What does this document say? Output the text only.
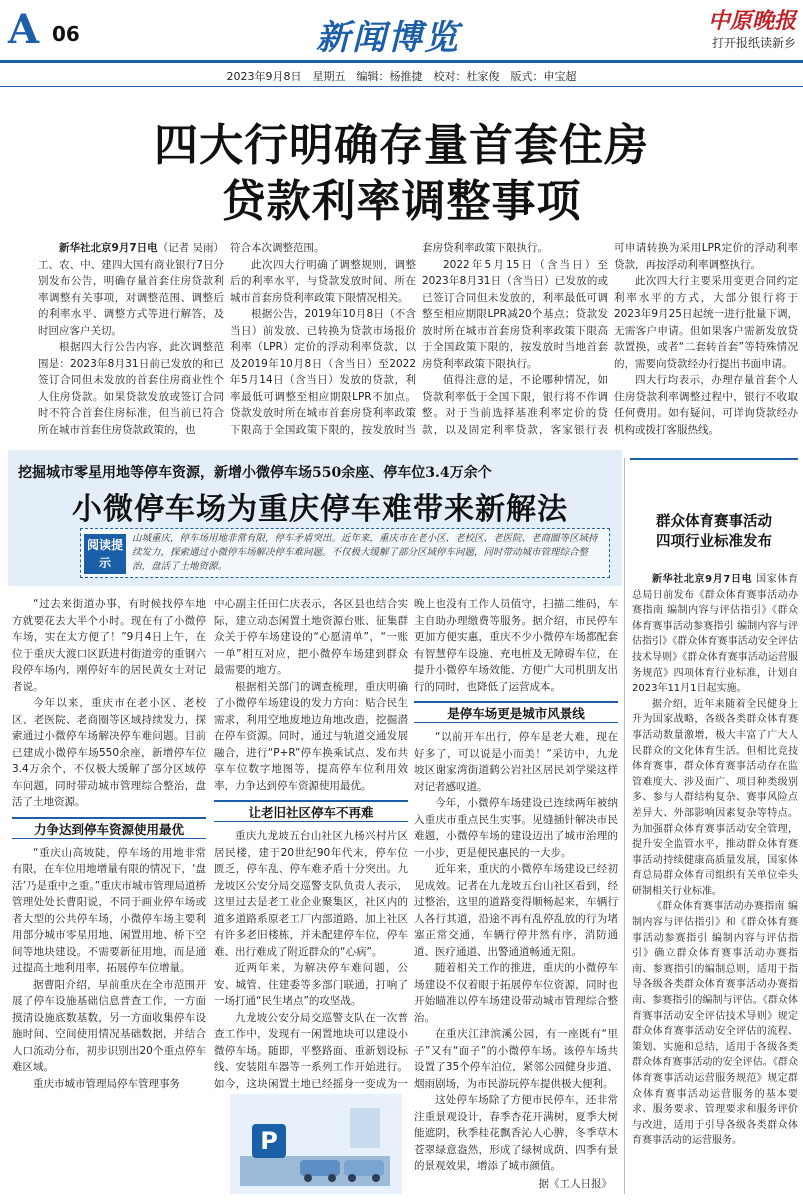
A 06	新闻博览	中原晚报
打开报纸读新乡
2023年9月8日　星期五　编辑：杨推捷　校对：杜家俊　版式：申宝超
四大行明确存量首套住房
贷款利率调整事项

新华社北京9月7日电（记者 吴雨）工、农、中、建四大国有商业银行7日分别发布公告，明确存量首套住房贷款利率调整有关事项，对调整范围、调整后的利率水平、调整方式等进行解答，及时回应客户关切。

根据四大行公告内容，此次调整范围是：2023年8月31日前已发放的和已签订合同但未发放的首套住房商业性个人住房贷款。如果贷款发放或签订合同时不符合首套住房标准，但当前已符合所在城市首套住房贷款政策的，也

符合本次调整范围。

此次四大行明确了调整规则，调整后的利率水平，与贷款发放时间、所在城市首套房贷利率政策下限情况相关。

根据公告，2019年10月8日（不含当日）前发放、已转换为贷款市场报价利率（LPR）定价的浮动利率贷款，以及2019年10月8日（含当日）至2022年5月14日（含当日）发放的贷款，利率最低可调整至相应期限LPR不加点。贷款发放时所在城市首套房贷利率政策下限高于全国政策下限的，按发放时当

套房贷利率政策下限执行。

2022年5月15日（含当日）至2023年8月31日（含当日）已发放的或已签订合同但未发放的，利率最低可调整至相应期限LPR减20个基点；贷款发放时所在城市首套房贷利率政策下限高于全国政策下限的，按发放时当地首套房贷利率政策下限执行。

值得注意的是，不论哪种情况，如贷款利率低于全国下限，银行将不作调整。对于当前选择基准利率定价的贷款，以及固定利率贷款，客家银行表

可申请转换为采用LPR定价的浮动利率贷款，再按浮动利率调整执行。

此次四大行主要采用变更合同约定利率水平的方式，大部分银行将于2023年9月25日起统一进行批量下调，无需客户申请。但如果客户需新发放贷款置换，或者“二套转首套”等特殊情况的，需要向贷款经办行提出书面申请。

四大行均表示，办理存量首套个人住房贷款利率调整过程中，银行不收取任何费用。如有疑问，可详询贷款经办机构或拨打客服热线。

挖掘城市零星用地等停车资源，新增小微停车场550余座、停车位3.4万余个
小微停车场为重庆停车难带来新解法
阅读提示
山城重庆，停车场用地非常有限，停车矛盾突出。近年来，重庆市在老小区、老校区、老医院、老商圈等区域持续发力，探索通过小微停车场解决停车难问题。不仅极大缓解了部分区域停车问题，同时带动城市管理综合整治，盘活了土地资源。

“过去来街道办事，有时候找停车地方就要花去大半个小时。现在有了小微停车场，实在太方便了！”9月4日上午，在位于重庆大渡口区跃进村街道旁的重钢六段停车场内，刚停好车的居民黄女士对记者说。

今年以来，重庆市在老小区、老校区、老医院、老商圈等区域持续发力，探索通过小微停车场解决停车难问题。目前已建成小微停车场550余座，新增停车位3.4万余个，不仅极大缓解了部分区域停车问题，同时带动城市管理综合整治，盘活了土地资源。

力争达到停车资源使用最优

“重庆山高坡陡，停车场的用地非常有限，在车位用地增量有限的情况下，‘盘活’乃是重中之重。”重庆市城市管理局道桥管理处处长曹阳说，不同于画业停车场或者大型的公共停车场，小微停车场主要利用部分城市零星用地、闲置用地、桥下空间等地块建设。不需要新征用地，而是通过提高土地利用率，拓展停车位增量。

据曹阳介绍，早前重庆在全市范围开展了停车设施基础信息普查工作，一方面摸清设施底数基数，另一方面收集停车设施时间、空间使用情况基础数据，并结合人口流动分布，初步识别出20个重点停车难区域。

重庆市城市管理局停车管理事务

中心副主任田仁庆表示，各区县也结合实际，建立动态闲置土地资源台账、征集群众关于停车场建设的“心愿清单”，“一账一单”相互对应，把小微停车场建到群众最需要的地方。

根据相关部门的调查梳理，重庆明确了小微停车场建设的发力方向：贴合民生需求，利用空地废地边角地改造，挖掘潜在停车资源。同时，通过与轨道交通发展融合，进行“P+R”停车换乘试点、发布共享车位数字地图等，提高停车位利用效率，力争达到停车资源使用最优。

让老旧社区停车不再难

重庆九龙坡五台山社区九杨兴村片区居民楼，建于20世纪90年代末，停车位匮乏，停车乱、停车难矛盾十分突出。九龙坡区公安分局交巡警支队负责人表示，这里过去是老工业企业聚集区，社区内的道多道路系原老工厂内部道路，加上社区有许多老旧楼栋，并未配建停车位，停车难、出行难成了附近群众的“心病”。

近两年来，为解决停车难问题，公安、城管、住建委等多部门联通，打响了一场打通“民生堵点”的攻坚战。

九龙坡公安分局交巡警支队在一次普查工作中，发现有一闲置地块可以建设小微停车场。随即，平整路面、重新划设标线、安装阻车器等一系列工作开始进行。如今，这块闲置土地已经摇身一变成为一

P

晚上也没有工作人员值守，扫描二维码，车主自助办理缴费等服务。据介绍，市民停车更加方便实惠，重庆不少小微停车场都配套有智慧停车设施、充电桩及无障碍车位，在提升小微停车场效能、方便广大司机朋友出行的同时，也降低了运营成本。

是停车场更是城市风景线

“以前开车出行，停车是老大难，现在好多了，可以说是小而美！”采访中，九龙坡区谢家湾街道鹤公岩社区居民刘学梁这样对记者感叹道。

今年，小微停车场建设已连续两年被纳入重庆市重点民生实事。见缝插针解决市民难题，小微停车场的建设迈出了城市治理的一小步，更是便民惠民的一大步。

近年来，重庆的小微停车场建设已经初见成效。记者在九龙坡五台山社区看到，经过整治，这里的道路变得顺畅起来，车辆行人各行其道，沿途不再有乱停乱放的行为堵塞正常交通，车辆行停井然有序，消防通道、医疗通道、出警通道畅通无阻。

随着相关工作的推进，重庆的小微停车场建设不仅着眼于拓展停车位资源，同时也开始瞄准以停车场建设带动城市管理综合整治。

在重庆江津滨溪公园，有一座既有“里子”又有“面子”的小微停车场。该停车场共设置了35个停车泊位，紧邻公园健身步道、烟雨剧场，为市民游玩停车提供极大便利。

这处停车场除了方便市民停车，还非常注重景观设计，春季杏花开满树，夏季大树能遮阴，秋季桂花飘香沁人心脾，冬季草木苍翠绿意盎然，形成了绿树成荫、四季有景的景观效果，增添了城市颜值。

据《工人日报》
群众体育赛事活动
四项行业标准发布

新华社北京9月7日电 国家体育总局日前发布《群众体育赛事活动办赛指南 编制内容与评估指引》《群众体育赛事活动参赛指引 编制内容与评估指引》《群众体育赛事活动安全评估技术导则》《群众体育赛事活动运营服务规范》四项体育行业标准，计划自2023年11月1日起实施。

据介绍，近年来随着全民健身上升为国家战略，各级各类群众体育赛事活动数量激增，极大丰富了广大人民群众的文化体育生活。但相比竞技体育赛事，群众体育赛事活动存在监管难度大、涉及面广、项目种类级别多、参与人群结构复杂、赛事风险点差异大、外部影响因素复杂等特点。为加强群众体育赛事活动安全管理，提升安全监管水平，推动群众体育赛事活动持续健康高质量发展，国家体育总局群众体育司组织有关单位牵头研制相关行业标准。

《群众体育赛事活动办赛指南 编制内容与评估指引》和《群众体育赛事活动参赛指引 编制内容与评估指引》确立群众体育赛事活动办赛指南、参赛指引的编制总则，适用于指导各级各类群众体育赛事活动办赛指南、参赛指引的编制与评估。《群众体育赛事活动安全评估技术导则》规定群众体育赛事活动安全评估的流程、策划、实施和总结，适用于各级各类群众体育赛事活动的安全评估。《群众体育赛事活动运营服务规范》规定群众体育赛事活动运营服务的基本要求、服务要求、管理要求和服务评价与改进，适用于引导各级各类群众体育赛事活动的运营服务。
